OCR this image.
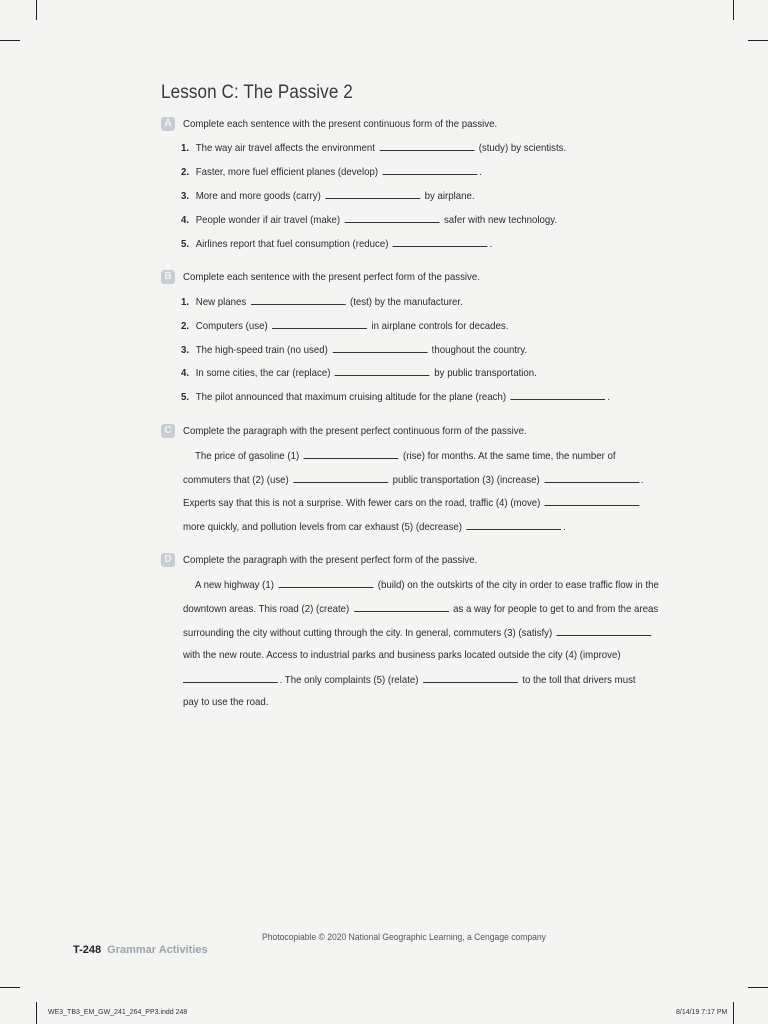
Lesson C: The Passive 2
A	Complete each sentence with the present continuous form of the passive.
1. The way air travel affects the environment	(study) by scientists.
2. Faster, more fuel efficient planes (develop)	.
3. More and more goods (carry)	by airplane.
4. People wonder if air travel (make)	safer with new technology.
5. Airlines report that fuel consumption (reduce)	.
B	Complete each sentence with the present perfect form of the passive.
1. New planes	(test) by the manufacturer.
2. Computers (use)	in airplane controls for decades.
3. The high-speed train (no used)	thoughout the country.
4. In some cities, the car (replace)	by public transportation.
5. The pilot announced that maximum cruising altitude for the plane (reach)	.
C	Complete the paragraph with the present perfect continuous form of the passive.
The price of gasoline (1)	(rise) for months. At the same time, the number of
commuters that (2) (use)	public transportation (3) (increase)	.
Experts say that this is not a surprise. With fewer cars on the road, traffic (4) (move)
more quickly, and pollution levels from car exhaust (5) (decrease)	.
D	Complete the paragraph with the present perfect form of the passive.
A new highway (1)	(build) on the outskirts of the city in order to ease traffic flow in the
downtown areas. This road (2) (create)	as a way for people to get to and from the areas
surrounding the city without cutting through the city. In general, commuters (3) (satisfy)
with the new route. Access to industrial parks and business parks located outside the city (4) (improve)
. The only complaints (5) (relate)	to the toll that drivers must
pay to use the road.
Photocopiable © 2020 National Geographic Learning, a Cengage company
T-248 Grammar Activities
WE3_TB3_EM_GW_241_264_PP3.indd 248	8/14/19 7:17 PM
